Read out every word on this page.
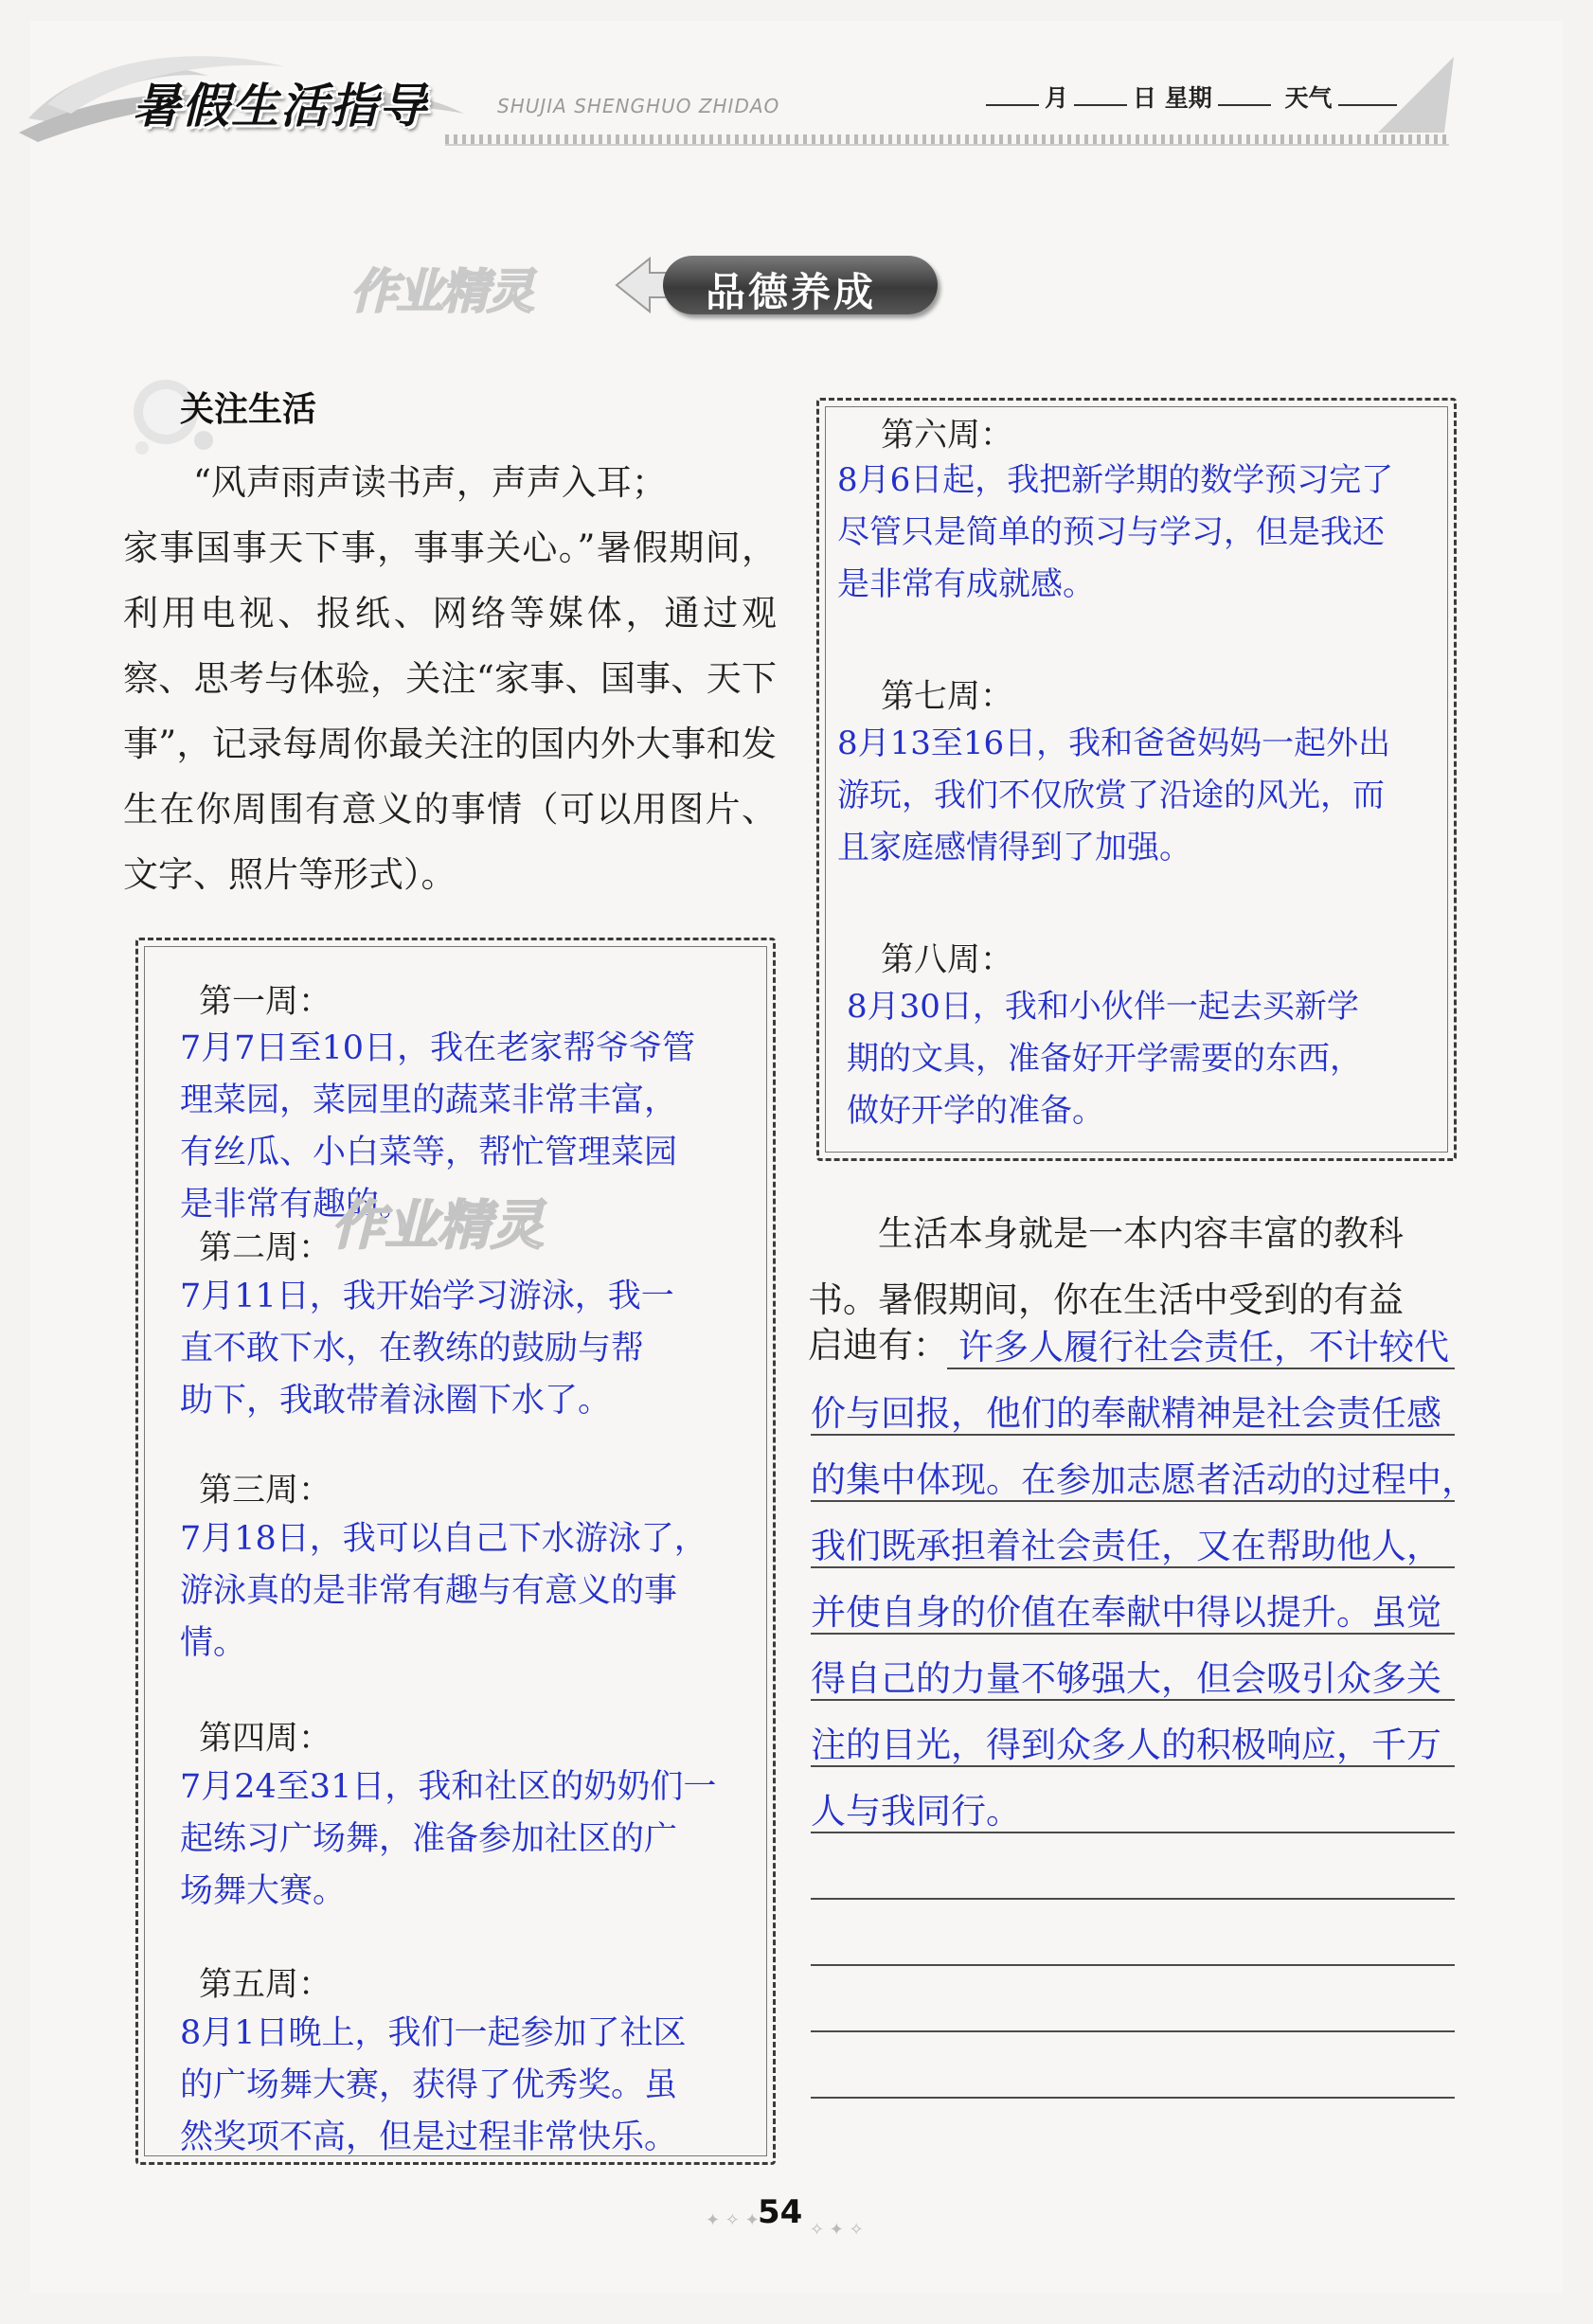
暑假生活指导	SHUJIA SHENGHUO ZHIDAO	月	日 星期	天气
作业精灵	品德养成
关注生活

“风声雨声读书声，声声入耳；

家事国事天下事，事事关心。”暑假期间，利用电视、报纸、网络等媒体，通过观察、思考与体验，关注“家事、国事、天下事”，记录每周你最关注的国内外大事和发生在你周围有意义的事情（可以用图片、文字、照片等形式）。
第一周：
7月7日至10日，我在老家帮爷爷管
理菜园，菜园里的蔬菜非常丰富，
有丝瓜、小白菜等，帮忙管理菜园
是非常有趣的。
第二周：
7月11日，我开始学习游泳，我一
直不敢下水，在教练的鼓励与帮
助下，我敢带着泳圈下水了。
第三周：
7月18日，我可以自己下水游泳了，
游泳真的是非常有趣与有意义的事
情。
第四周：
7月24至31日，我和社区的奶奶们一
起练习广场舞，准备参加社区的广
场舞大赛。
第五周：
8月1日晚上，我们一起参加了社区
的广场舞大赛，获得了优秀奖。虽
然奖项不高，但是过程非常快乐。
作业精灵
第六周：
8月6日起，我把新学期的数学预习完了
尽管只是简单的预习与学习，但是我还
是非常有成就感。
第七周：
8月13至16日，我和爸爸妈妈一起外出
游玩，我们不仅欣赏了沿途的风光，而
且家庭感情得到了加强。
第八周：
8月30日，我和小伙伴一起去买新学
期的文具，准备好开学需要的东西，
做好开学的准备。

生活本身就是一本内容丰富的教科

书。暑假期间，你在生活中受到的有益
启迪有： 许多人履行社会责任，不计较代
价与回报，他们的奉献精神是社会责任感
的集中体现。在参加志愿者活动的过程中，
我们既承担着社会责任，又在帮助他人，
并使自身的价值在奉献中得以提升。虽觉
得自己的力量不够强大，但会吸引众多关
注的目光，得到众多人的积极响应，千万
人与我同行。
✦ ✧ ✦	✧ ✦ ✧
54
